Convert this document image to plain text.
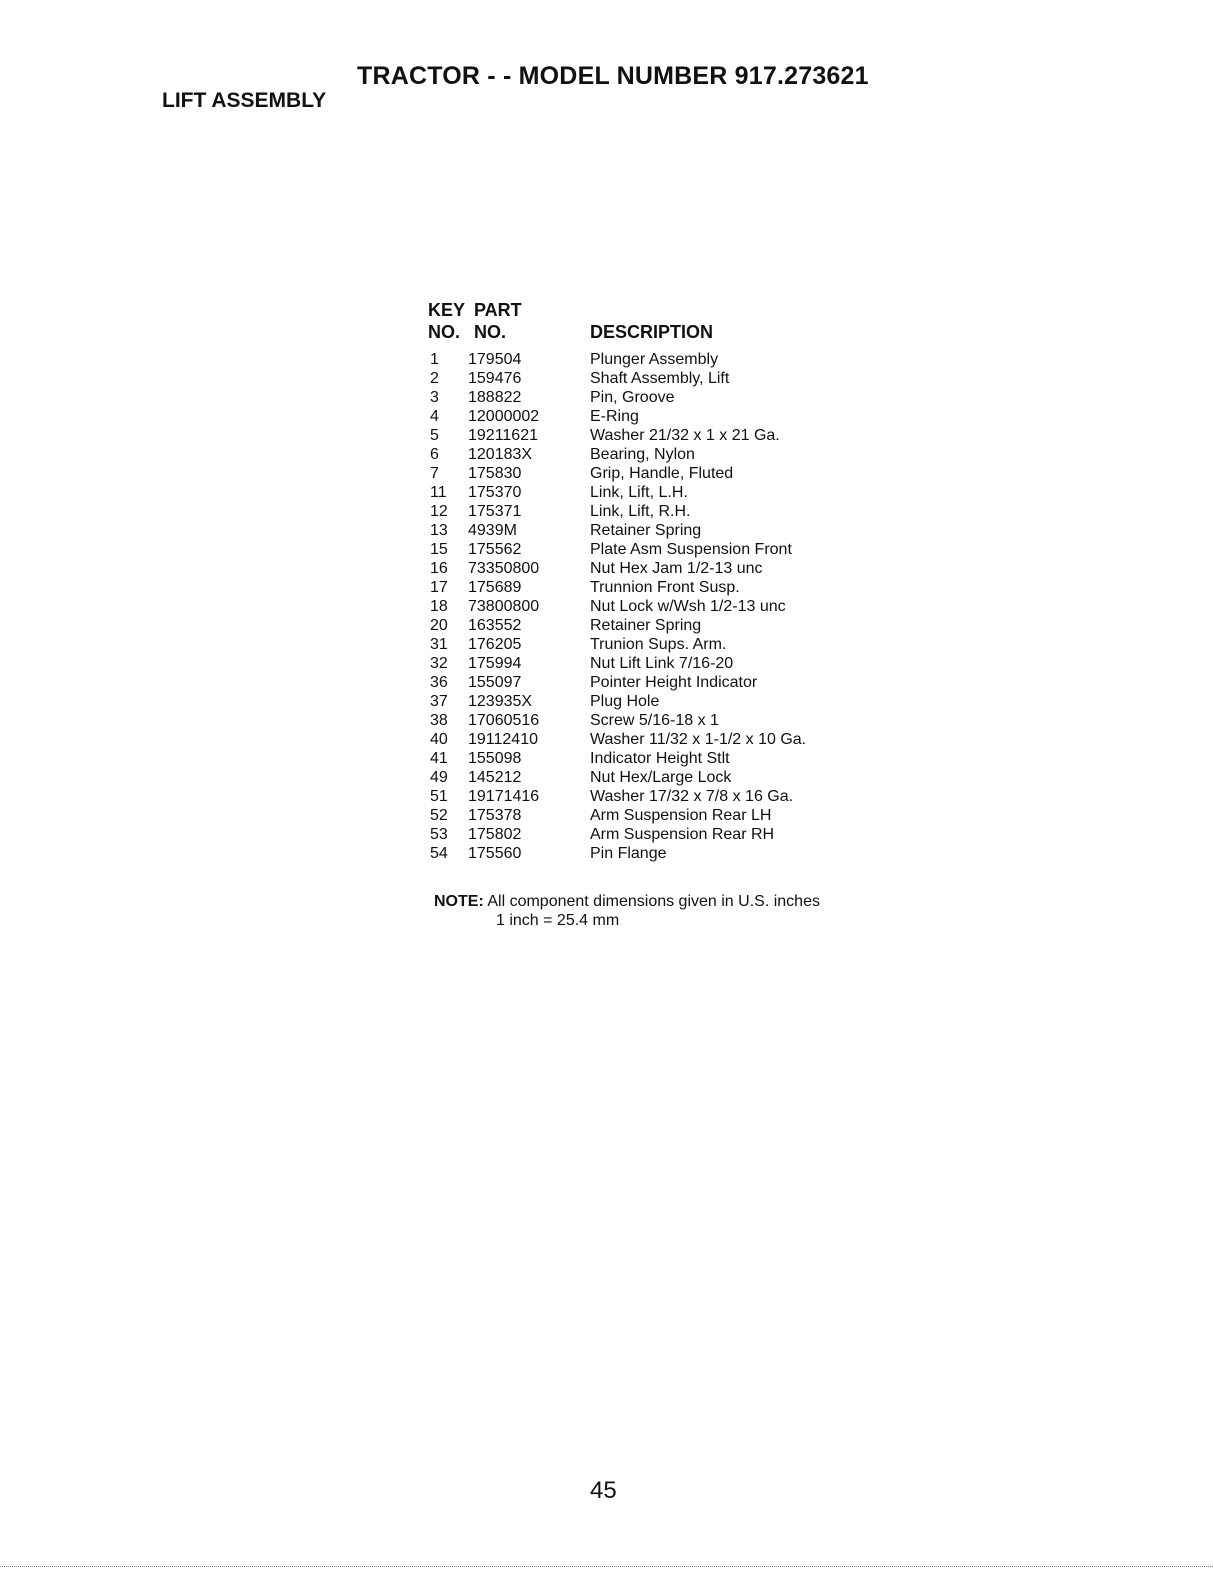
TRACTOR - - MODEL NUMBER 917.273621
LIFT ASSEMBLY
KEY
NO.
PART
NO.	DESCRIPTION
1 179504	Plunger Assembly
2 159476	Shaft Assembly, Lift
3 188822	Pin, Groove
4 12000002	E-Ring
5 19211621	Washer 21/32 x 1 x 21 Ga.
6 120183X	Bearing, Nylon
7 175830	Grip, Handle, Fluted
11 175370	Link, Lift, L.H.
12 175371	Link, Lift, R.H.
13 4939M	Retainer Spring
15 175562	Plate Asm Suspension Front
16 73350800	Nut Hex Jam 1/2-13 unc
17 175689	Trunnion Front Susp.
18 73800800	Nut Lock w/Wsh 1/2-13 unc
20 163552	Retainer Spring
31 176205	Trunion Sups. Arm.
32 175994	Nut Lift Link 7/16-20
36 155097	Pointer Height Indicator
37 123935X	Plug Hole
38 17060516	Screw 5/16-18 x 1
40 19112410	Washer 11/32 x 1-1/2 x 10 Ga.
41 155098	Indicator Height Stlt
49 145212	Nut Hex/Large Lock
51 19171416	Washer 17/32 x 7/8 x 16 Ga.
52 175378	Arm Suspension Rear LH
53 175802	Arm Suspension Rear RH
54 175560	Pin Flange
NOTE: All component dimensions given in U.S. inches
1 inch = 25.4 mm
45
